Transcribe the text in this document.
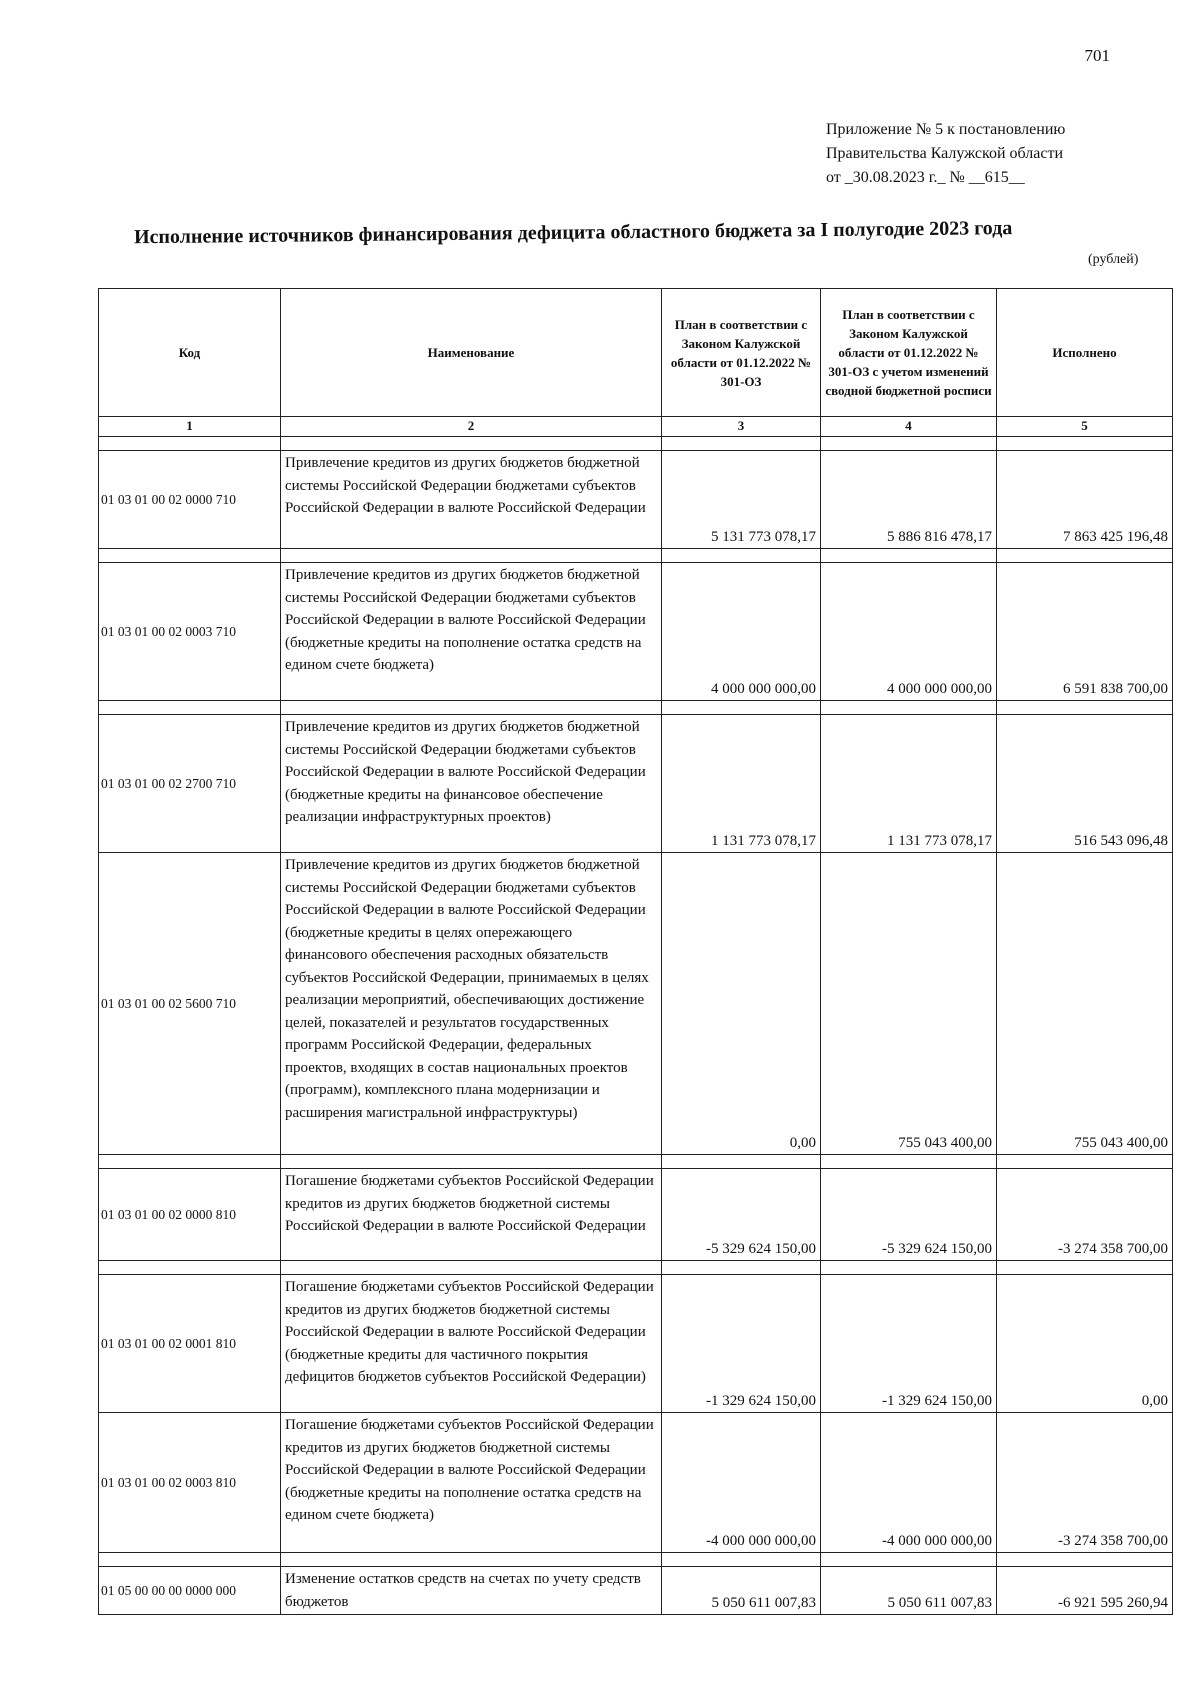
701
Приложение № 5 к постановлению
Правительства Калужской области
от _30.08.2023 г._ № __615__
Исполнение источников финансирования дефицита областного бюджета за I полугодие 2023 года
(рублей)
Код	Наименование	План в соответствии с Законом Калужской области от 01.12.2022 № 301-ОЗ	План в соответствии с Законом Калужской области от 01.12.2022 № 301-ОЗ с учетом изменений сводной бюджетной росписи	Исполнено
1	2	3	4	5

01 03 01 00 02 0000 710	Привлечение кредитов из других бюджетов бюджетной системы Российской Федерации бюджетами субъектов Российской Федерации в валюте Российской Федерации	5 131 773 078,17	5 886 816 478,17	7 863 425 196,48

01 03 01 00 02 0003 710	Привлечение кредитов из других бюджетов бюджетной системы Российской Федерации бюджетами субъектов Российской Федерации в валюте Российской Федерации (бюджетные кредиты на пополнение остатка средств на едином счете бюджета)	4 000 000 000,00	4 000 000 000,00	6 591 838 700,00

01 03 01 00 02 2700 710	Привлечение кредитов из других бюджетов бюджетной системы Российской Федерации бюджетами субъектов Российской Федерации в валюте Российской Федерации (бюджетные кредиты на финансовое обеспечение реализации инфраструктурных проектов)	1 131 773 078,17	1 131 773 078,17	516 543 096,48
01 03 01 00 02 5600 710	Привлечение кредитов из других бюджетов бюджетной системы Российской Федерации бюджетами субъектов Российской Федерации в валюте Российской Федерации (бюджетные кредиты в целях опережающего финансового обеспечения расходных обязательств субъектов Российской Федерации, принимаемых в целях реализации мероприятий, обеспечивающих достижение целей, показателей и результатов государственных программ Российской Федерации, федеральных проектов, входящих в состав национальных проектов (программ), комплексного плана модернизации и расширения магистральной инфраструктуры)	0,00	755 043 400,00	755 043 400,00

01 03 01 00 02 0000 810	Погашение бюджетами субъектов Российской Федерации кредитов из других бюджетов бюджетной системы Российской Федерации в валюте Российской Федерации	-5 329 624 150,00	-5 329 624 150,00	-3 274 358 700,00

01 03 01 00 02 0001 810	Погашение бюджетами субъектов Российской Федерации кредитов из других бюджетов бюджетной системы Российской Федерации в валюте Российской Федерации (бюджетные кредиты для частичного покрытия дефицитов бюджетов субъектов Российской Федерации)	-1 329 624 150,00	-1 329 624 150,00	0,00
01 03 01 00 02 0003 810	Погашение бюджетами субъектов Российской Федерации кредитов из других бюджетов бюджетной системы Российской Федерации в валюте Российской Федерации (бюджетные кредиты на пополнение остатка средств на едином счете бюджета)	-4 000 000 000,00	-4 000 000 000,00	-3 274 358 700,00

01 05 00 00 00 0000 000	Изменение остатков средств на счетах по учету средств бюджетов	5 050 611 007,83	5 050 611 007,83	-6 921 595 260,94
